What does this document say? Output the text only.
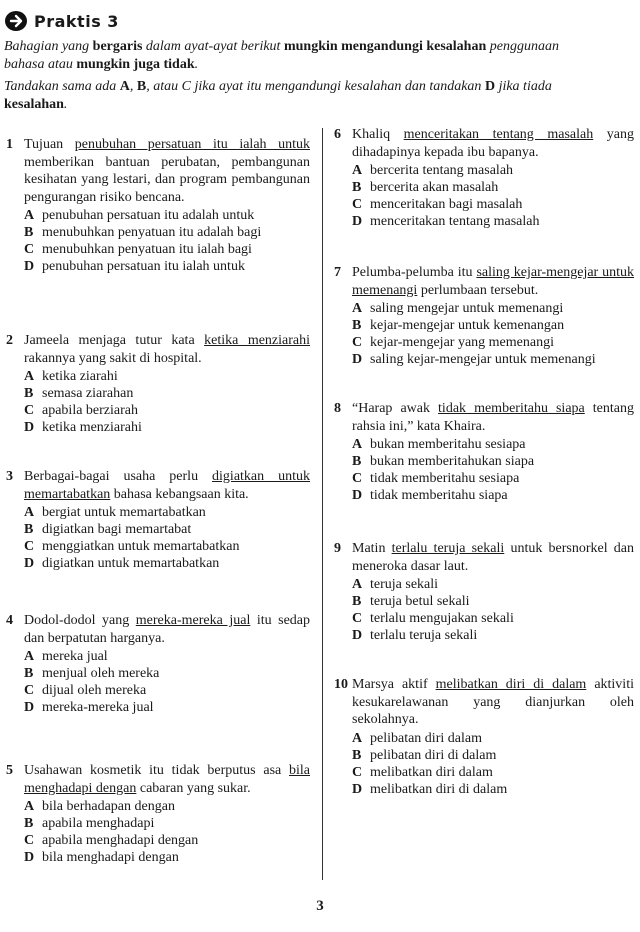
Praktis 3
Bahagian yang bergaris dalam ayat-ayat berikut mungkin mengandungi kesalahan penggunaan
bahasa atau mungkin juga tidak.
Tandakan sama ada A, B, atau C jika ayat itu mengandungi kesalahan dan tandakan D jika tiada
kesalahan.
1 Tujuan penubuhan persatuan itu ialah untuk memberikan bantuan perubatan, pembangunan kesihatan yang lestari, dan program pembangunan pengurangan risiko bencana.
A penubuhan persatuan itu adalah untuk
B menubuhkan penyatuan itu adalah bagi
C menubuhkan penyatuan itu ialah bagi
D penubuhan persatuan itu ialah untuk
2 Jameela menjaga tutur kata ketika menziarahi rakannya yang sakit di hospital.
A ketika ziarahi
B semasa ziarahan
C apabila berziarah
D ketika menziarahi
3 Berbagai-bagai usaha perlu digiatkan untuk memartabatkan bahasa kebangsaan kita.
A bergiat untuk memartabatkan
B digiatkan bagi memartabat
C menggiatkan untuk memartabatkan
D digiatkan untuk memartabatkan
4 Dodol-dodol yang mereka-mereka jual itu sedap dan berpatutan harganya.
A mereka jual
B menjual oleh mereka
C dijual oleh mereka
D mereka-mereka jual
5 Usahawan kosmetik itu tidak berputus asa bila menghadapi dengan cabaran yang sukar.
A bila berhadapan dengan
B apabila menghadapi
C apabila menghadapi dengan
D bila menghadapi dengan
6 Khaliq menceritakan tentang masalah yang dihadapinya kepada ibu bapanya.
A bercerita tentang masalah
B bercerita akan masalah
C menceritakan bagi masalah
D menceritakan tentang masalah
7 Pelumba-pelumba itu saling kejar-mengejar untuk memenangi perlumbaan tersebut.
A saling mengejar untuk memenangi
B kejar-mengejar untuk kemenangan
C kejar-mengejar yang memenangi
D saling kejar-mengejar untuk memenangi
8 “Harap awak tidak memberitahu siapa tentang rahsia ini,” kata Khaira.
A bukan memberitahu sesiapa
B bukan memberitahukan siapa
C tidak memberitahu sesiapa
D tidak memberitahu siapa
9 Matin terlalu teruja sekali untuk bersnorkel dan meneroka dasar laut.
A teruja sekali
B teruja betul sekali
C terlalu mengujakan sekali
D terlalu teruja sekali
10 Marsya aktif melibatkan diri di dalam aktiviti kesukarelawanan yang dianjurkan oleh sekolahnya.
A pelibatan diri dalam
B pelibatan diri di dalam
C melibatkan diri dalam
D melibatkan diri di dalam
3
